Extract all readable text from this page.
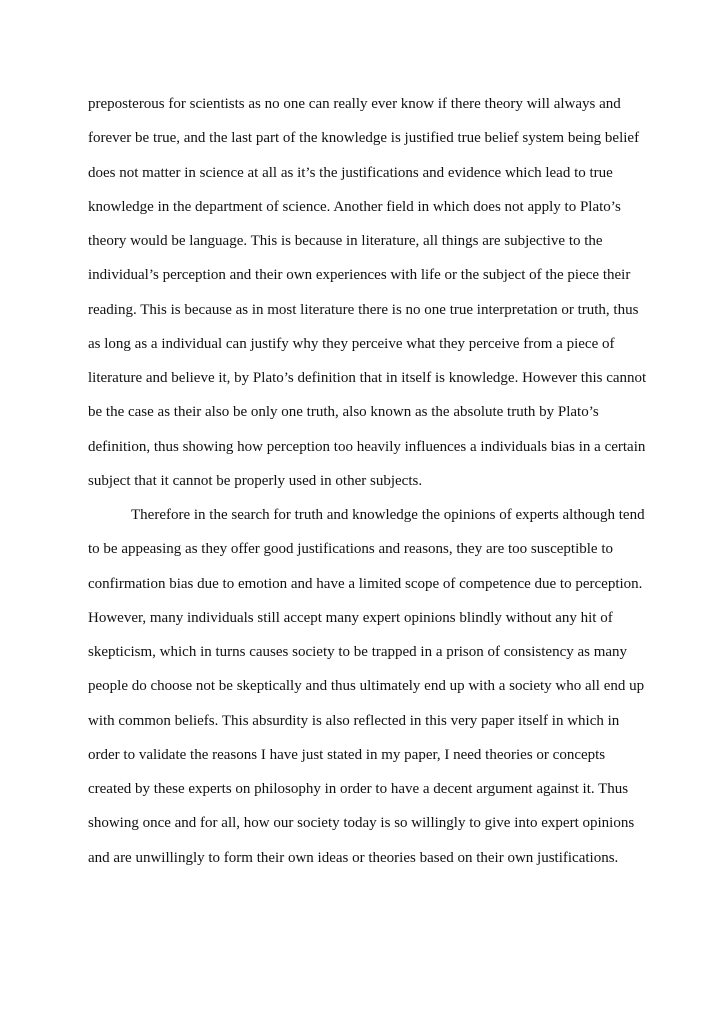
preposterous for scientists as no one can really ever know if there theory will always and
forever be true, and the last part of the knowledge is justified true belief system being belief
does not matter in science at all as it’s the justifications and evidence which lead to true
knowledge in the department of science. Another field in which does not apply to Plato’s
theory would be language. This is because in literature, all things are subjective to the
individual’s perception and their own experiences with life or the subject of the piece their
reading. This is because as in most literature there is no one true interpretation or truth, thus
as long as a individual can justify why they perceive what they perceive from a piece of
literature and believe it, by Plato’s definition that in itself is knowledge. However this cannot
be the case as their also be only one truth, also known as the absolute truth by Plato’s
definition, thus showing how perception too heavily influences a individuals bias in a certain
subject that it cannot be properly used in other subjects.
Therefore in the search for truth and knowledge the opinions of experts although tend
to be appeasing as they offer good justifications and reasons, they are too susceptible to
confirmation bias due to emotion and have a limited scope of competence due to perception.
However, many individuals still accept many expert opinions blindly without any hit of
skepticism, which in turns causes society to be trapped in a prison of consistency as many
people do choose not be skeptically and thus ultimately end up with a society who all end up
with common beliefs. This absurdity is also reflected in this very paper itself in which in
order to validate the reasons I have just stated in my paper, I need theories or concepts
created by these experts on philosophy in order to have a decent argument against it. Thus
showing once and for all, how our society today is so willingly to give into expert opinions
and are unwillingly to form their own ideas or theories based on their own justifications.
